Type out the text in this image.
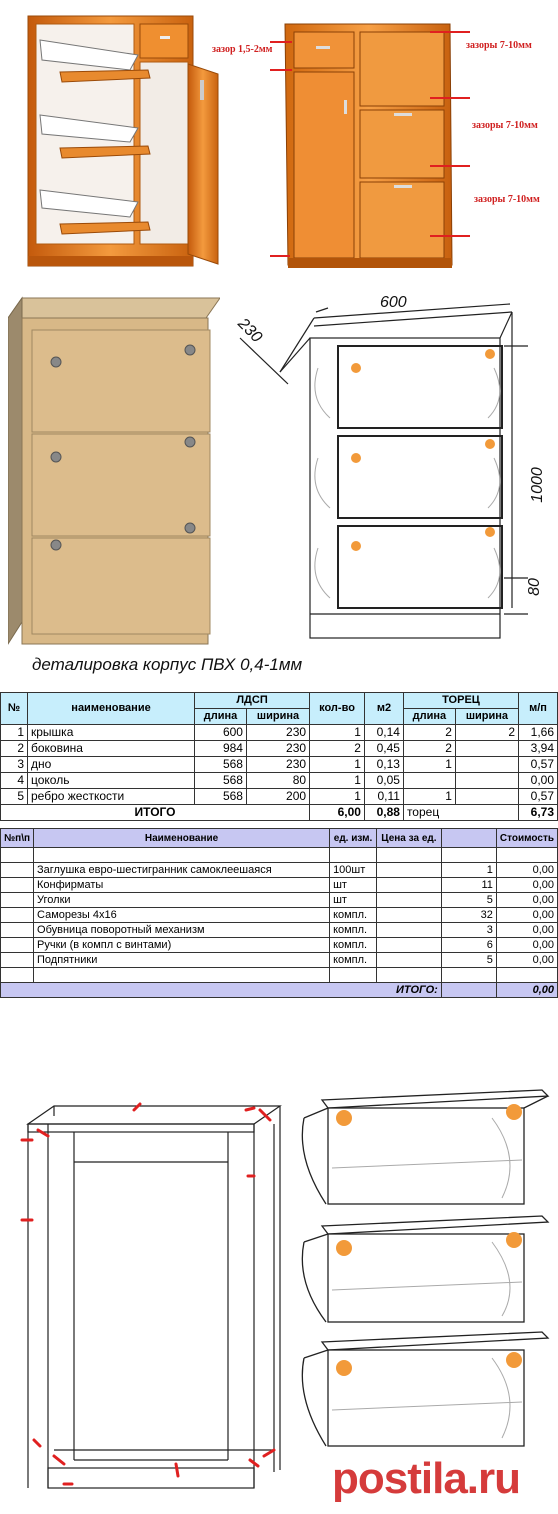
зазор 1,5-2мм	зазоры 7-10мм
зазоры 7-10мм
зазоры 7-10мм
600
230
1000
80
деталировка корпус ПВХ 0,4-1мм
№	наименование	ЛДСП		кол-во	м2	ТОРЕЦ		м/п
		длина	ширина			длина	ширина	
1	крышка	600	230	1	0,14	2	2	1,66
2	боковина	984	230	2	0,45	2		3,94
3	дно	568	230	1	0,13	1		0,57
4	цоколь	568	80	1	0,05			0,00
5	ребро жесткости	568	200	1	0,11	1		0,57
ИТОГО				6,00	0,88	торец		6,73
№п\п	Наименование	ед. изм.	Цена за ед.		Стоимость

	Заглушка евро-шестигранник самоклеешаяся	100шт		1	0,00
	Конфирматы	шт		11	0,00
	Уголки	шт		5	0,00
	Саморезы 4х16	компл.		32	0,00
	Обувница поворотный механизм	компл.		3	0,00
	Ручки (в компл с винтами)	компл.		6	0,00
	Подпятники	компл.		5	0,00

ИТОГО:					0,00
postila.ru
